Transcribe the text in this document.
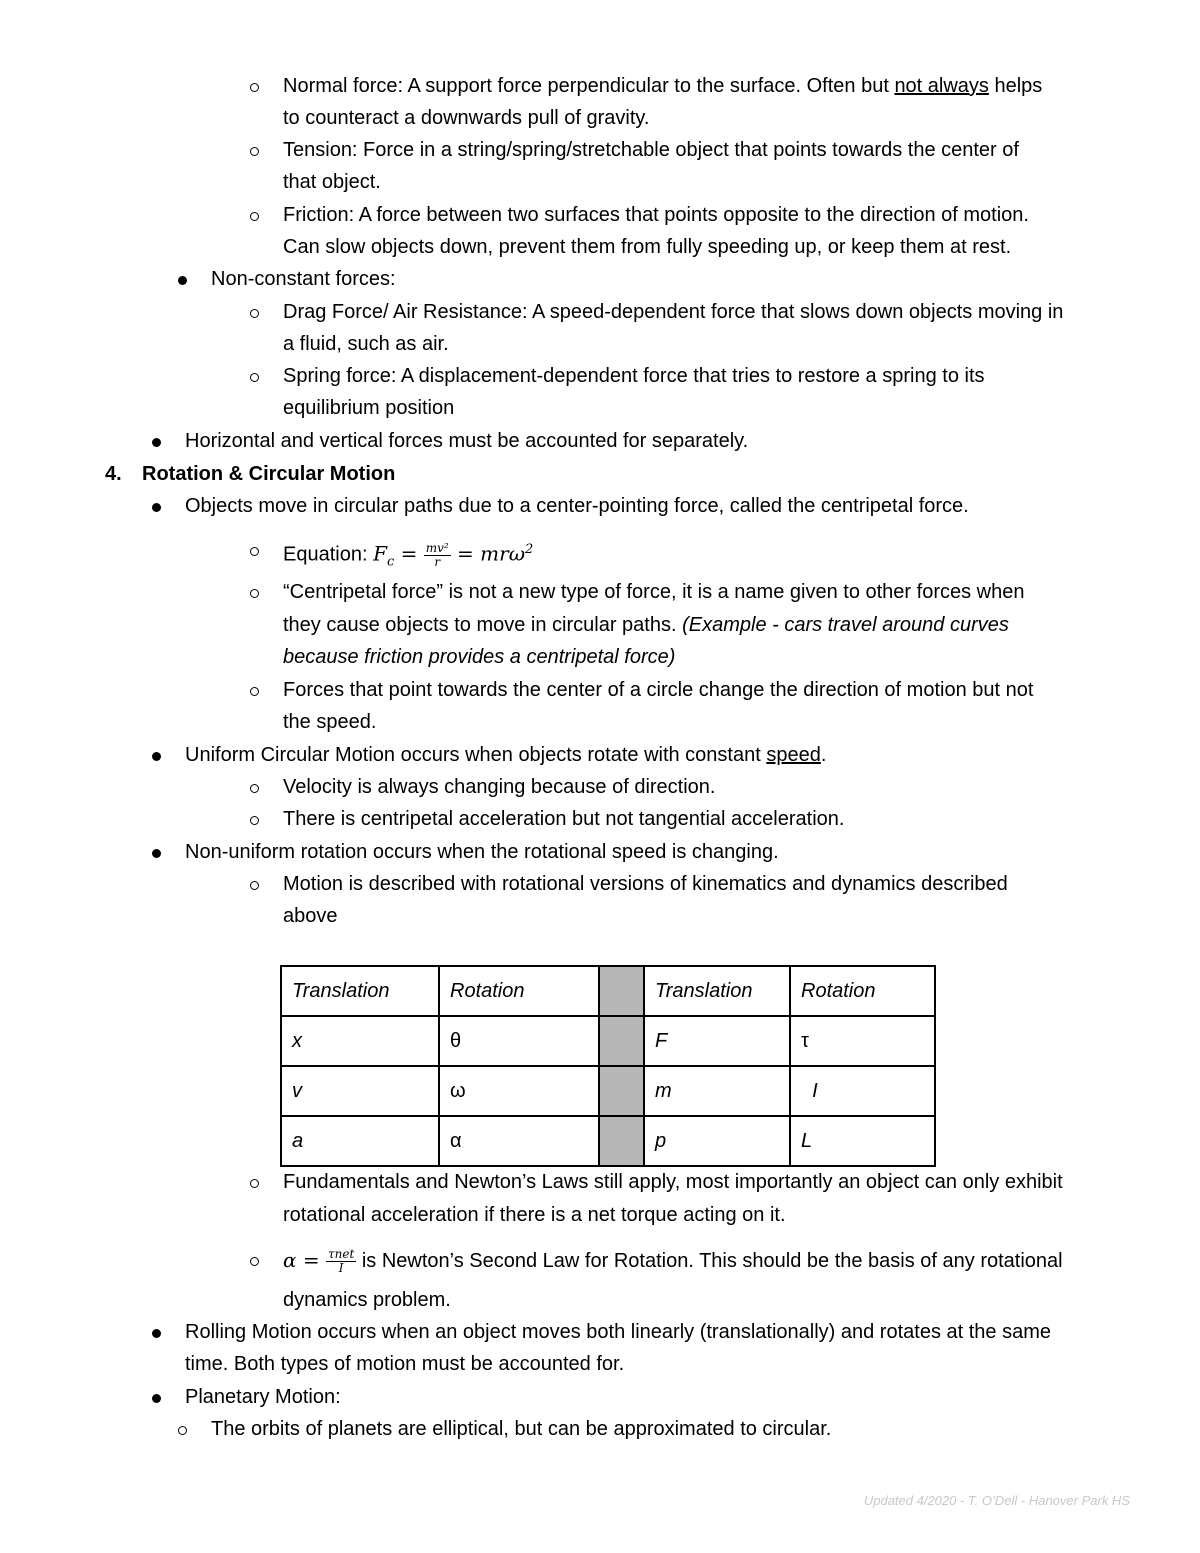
Normal force: A support force perpendicular to the surface. Often but not always helps
to counteract a downwards pull of gravity.
Tension: Force in a string/spring/stretchable object that points towards the center of
that object.
Friction: A force between two surfaces that points opposite to the direction of motion.
Can slow objects down, prevent them from fully speeding up, or keep them at rest.
Non-constant forces:
Drag Force/ Air Resistance: A speed-dependent force that slows down objects moving in
a fluid, such as air.
Spring force: A displacement-dependent force that tries to restore a spring to its
equilibrium position
Horizontal and vertical forces must be accounted for separately.
4. Rotation & Circular Motion
Objects move in circular paths due to a center-pointing force, called the centripetal force.
Equation: $F_c = \frac{\text{mv²}}{r} = mr\omega^2$
“Centripetal force” is not a new type of force, it is a name given to other forces when
they cause objects to move in circular paths. (Example - cars travel around curves
because friction provides a centripetal force)
Forces that point towards the center of a circle change the direction of motion but not
the speed.
Uniform Circular Motion occurs when objects rotate with constant speed.
Velocity is always changing because of direction.
There is centripetal acceleration but not tangential acceleration.
Non-uniform rotation occurs when the rotational speed is changing.
Motion is described with rotational versions of kinematics and dynamics described
above
Translation	Rotation		Translation	Rotation
x	θ		F	τ
v	ω		m	I
a	α		p	L
Fundamentals and Newton’s Laws still apply, most importantly an object can only exhibit
rotational acceleration if there is a net torque acting on it.
$\alpha = \frac{\text{τnet}}{I}$ is Newton’s Second Law for Rotation. This should be the basis of any rotational
dynamics problem.
Rolling Motion occurs when an object moves both linearly (translationally) and rotates at the same
time. Both types of motion must be accounted for.
Planetary Motion:
The orbits of planets are elliptical, but can be approximated to circular.
Updated 4/2020 - T. O’Dell - Hanover Park HS
